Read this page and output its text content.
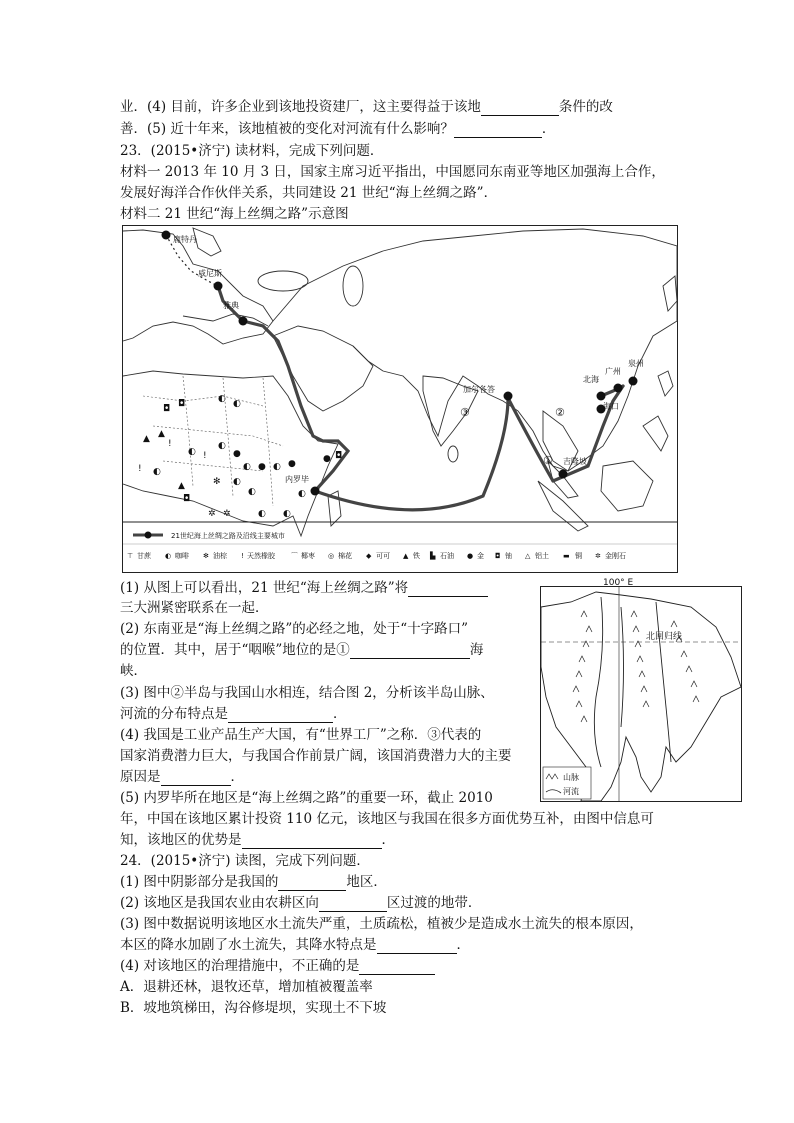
业．(4) 目前，许多企业到该地投资建厂，这主要得益于该地	条件的改
善．(5) 近十年来，该地植被的变化对河流有什么影响？	．
23．(2015•济宁) 读材料，完成下列问题．
材料一 2013 年 10 月 3 日，国家主席习近平指出，中国愿同东南亚等地区加强海上合作，
发展好海洋合作伙伴关系，共同建设 21 世纪“海上丝绸之路”．
材料二 21 世纪“海上丝绸之路”示意图
鹿特丹
威尼斯
雅典
内罗毕
加尔各答
吉隆坡
北海
广州
泉州
海口
①
②
③
◘ ◘	◐ ◐
▲ ▲
!
◐ !
◐
●
◐ ● ◐ ●
! ◐
▲
◘
✻ ◐
◐
✲ ✲	◐ ◐
◐
● ◘
21世纪海上丝绸之路及沿线主要城市
⊤ 甘蔗 ◐ 咖啡 ✻ 油棕 ! 天然橡胶 ⌒ 椰枣 ◎ 棉花 ◆ 可可 ▲ 铁 ▙ 石油 ● 金 ◘ 铀 △ 铝土 ▬ 铜 ✲ 金刚石
(1) 从图上可以看出，21 世纪“海上丝绸之路”将
三大洲紧密联系在一起．
(2) 东南亚是“海上丝绸之路”的必经之地，处于“十字路口”
的位置．其中，居于“咽喉”地位的是①	海
峡．
(3) 图中②半岛与我国山水相连，结合图 2，分析该半岛山脉、
河流的分布特点是	．
(4) 我国是工业产品生产大国，有“世界工厂”之称．③代表的
国家消费潜力巨大，与我国合作前景广阔，该国消费潜力大的主要
原因是	．
(5) 内罗毕所在地区是“海上丝绸之路”的重要一环，截止 2010
年，中国在该地区累计投资 110 亿元，该地区与我国在很多方面优势互补，由图中信息可
知，该地区的优势是	．
100° E
北回归线
山脉
河流
24．(2015•济宁) 读图，完成下列问题．
(1) 图中阴影部分是我国的	地区．
(2) 该地区是我国农业由农耕区向	区过渡的地带．
(3) 图中数据说明该地区水土流失严重，土质疏松，植被少是造成水土流失的根本原因，
本区的降水加剧了水土流失，其降水特点是	．
(4) 对该地区的治理措施中，不正确的是
A．退耕还林，退牧还草，增加植被覆盖率
B．坡地筑梯田，沟谷修堤坝，实现土不下坡
